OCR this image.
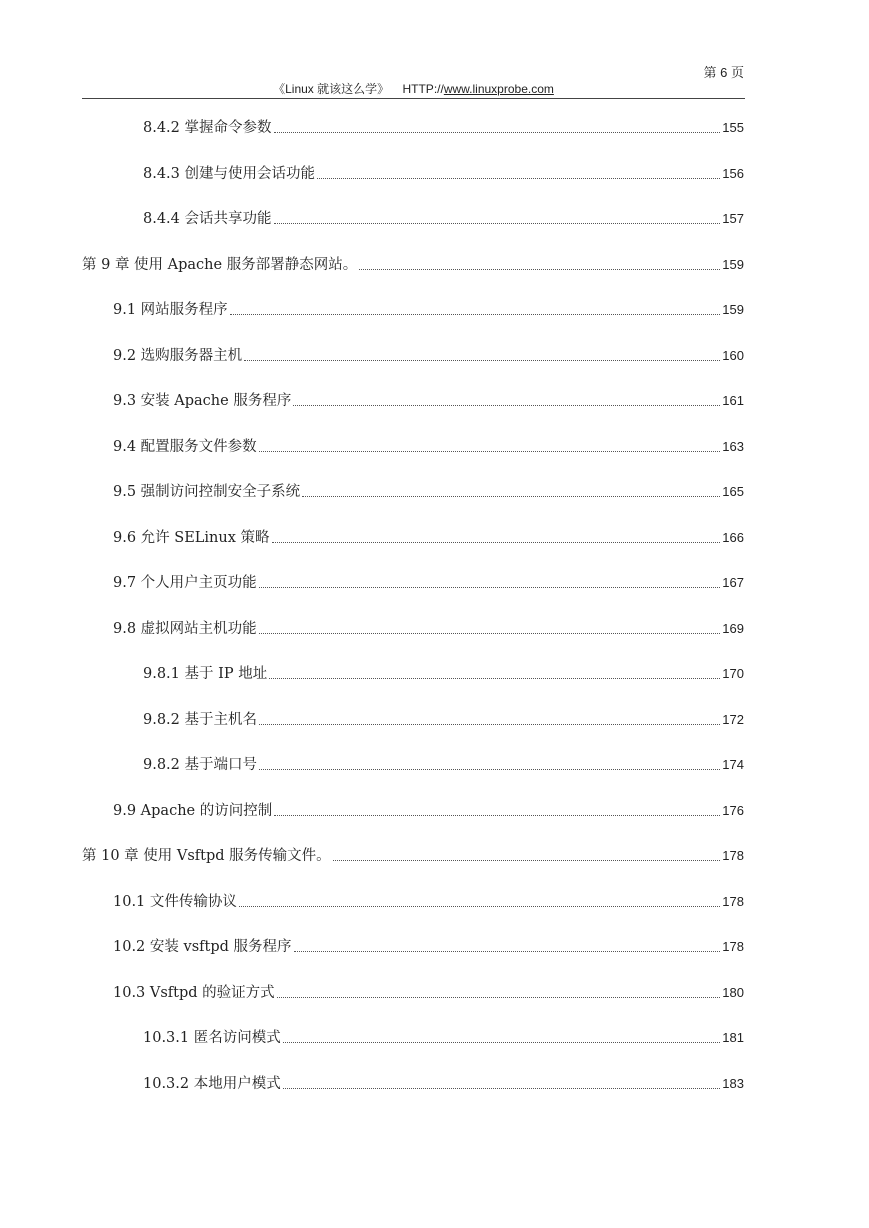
第 6 页
《Linux 就该这么学》 HTTP://www.linuxprobe.com
8.4.2 掌握命令参数	155
8.4.3 创建与使用会话功能	156
8.4.4 会话共享功能	157
第 9 章 使用 Apache 服务部署静态网站。	159
9.1 网站服务程序	159
9.2 选购服务器主机	160
9.3 安装 Apache 服务程序	161
9.4 配置服务文件参数	163
9.5 强制访问控制安全子系统	165
9.6 允许 SELinux 策略	166
9.7 个人用户主页功能	167
9.8 虚拟网站主机功能	169
9.8.1 基于 IP 地址	170
9.8.2 基于主机名	172
9.8.2 基于端口号	174
9.9 Apache 的访问控制	176
第 10 章 使用 Vsftpd 服务传输文件。	178
10.1 文件传输协议	178
10.2 安装 vsftpd 服务程序	178
10.3 Vsftpd 的验证方式	180
10.3.1 匿名访问模式	181
10.3.2 本地用户模式	183
